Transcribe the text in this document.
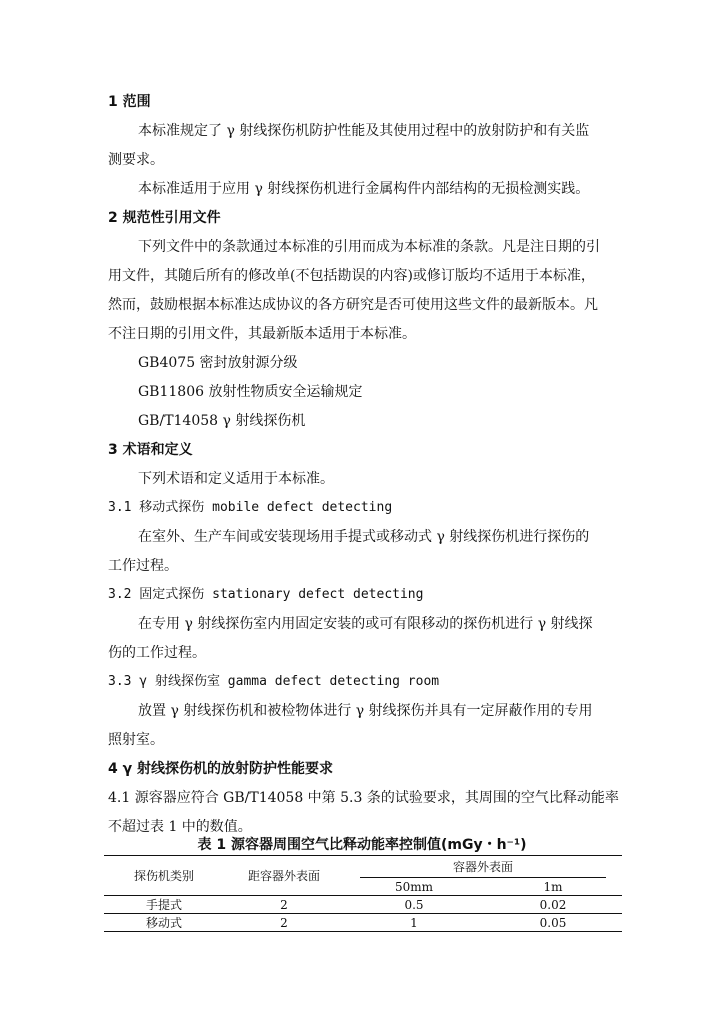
1 范围
本标准规定了 γ 射线探伤机防护性能及其使用过程中的放射防护和有关监
测要求。
本标准适用于应用 γ 射线探伤机进行金属构件内部结构的无损检测实践。
2 规范性引用文件
下列文件中的条款通过本标准的引用而成为本标准的条款。凡是注日期的引
用文件，其随后所有的修改单(不包括勘误的内容)或修订版均不适用于本标准，
然而，鼓励根据本标准达成协议的各方研究是否可使用这些文件的最新版本。凡
不注日期的引用文件，其最新版本适用于本标准。
GB4075 密封放射源分级
GB11806 放射性物质安全运输规定
GB/T14058 γ 射线探伤机
3 术语和定义
下列术语和定义适用于本标准。
3.1 移动式探伤 mobile defect detecting
在室外、生产车间或安装现场用手提式或移动式 γ 射线探伤机进行探伤的
工作过程。
3.2 固定式探伤 stationary defect detecting
在专用 γ 射线探伤室内用固定安装的或可有限移动的探伤机进行 γ 射线探
伤的工作过程。
3.3 γ 射线探伤室 gamma defect detecting room
放置 γ 射线探伤机和被检物体进行 γ 射线探伤并具有一定屏蔽作用的专用
照射室。
4 γ 射线探伤机的放射防护性能要求
4.1 源容器应符合 GB/T14058 中第 5.3 条的试验要求，其周围的空气比释动能率
不超过表 1 中的数值。
表 1 源容器周围空气比释动能率控制值(mGy・h⁻¹)
探伤机类别	距容器外表面	容器外表面	

		50mm	1m
手提式	2	0.5	0.02
移动式	2	1	0.05
